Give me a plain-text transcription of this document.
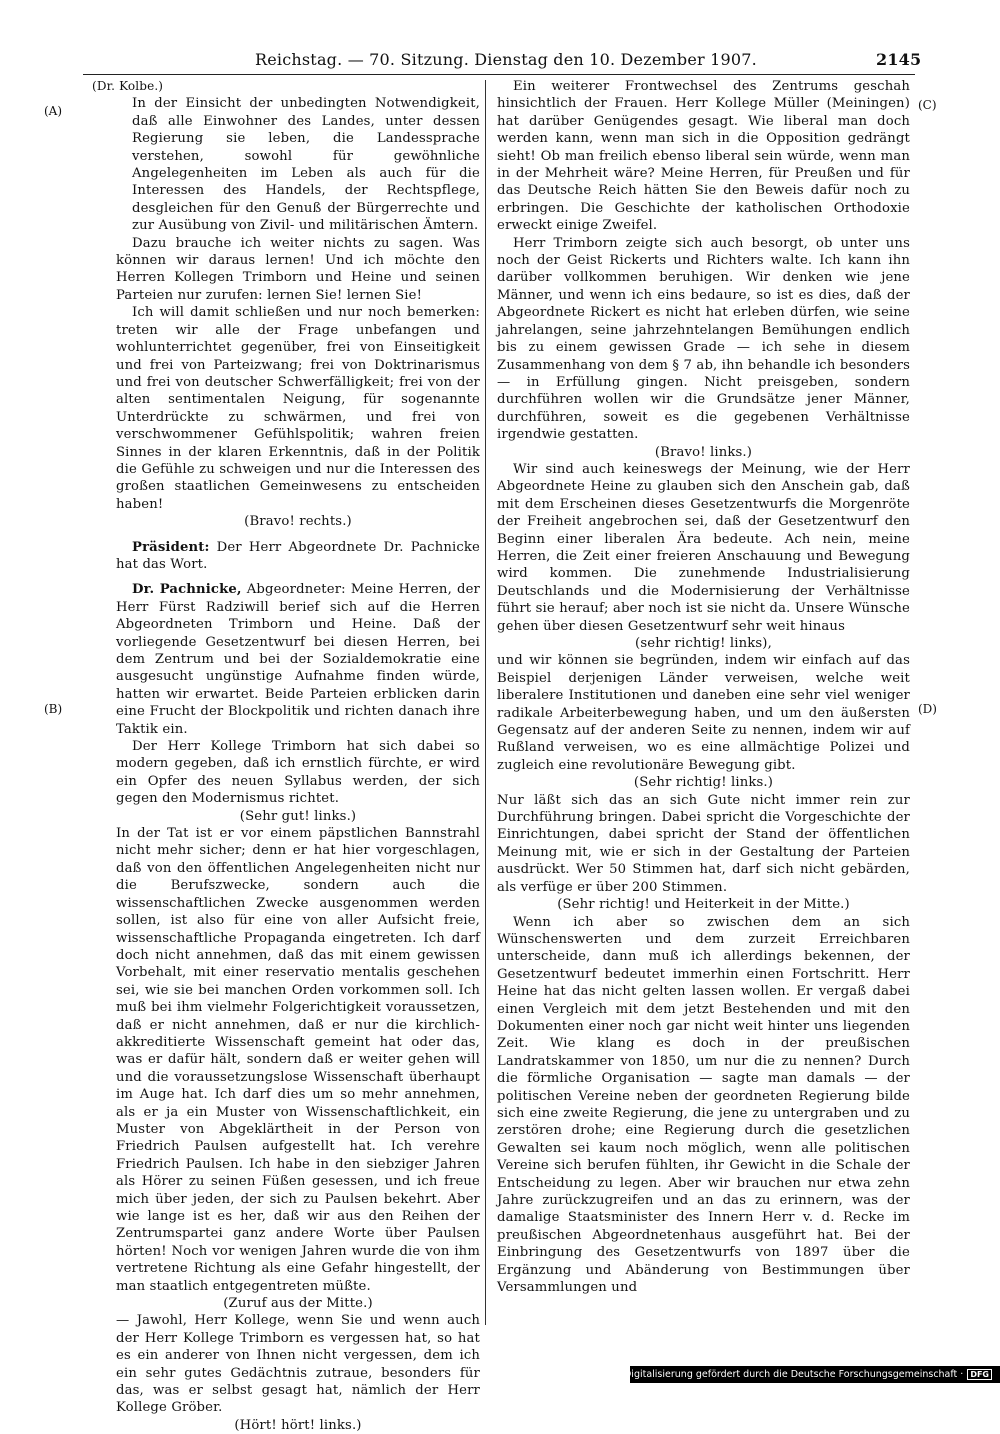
Reichstag. — 70. Sitzung. Dienstag den 10. Dezember 1907.	2145
(A)
(B)
(C)
(D)

(Dr. Kolbe.)

In der Einsicht der unbedingten Notwendigkeit, daß alle Einwohner des Landes, unter dessen Regierung sie leben, die Landessprache verstehen, sowohl für gewöhnliche Angelegenheiten im Leben als auch für die Interessen des Handels, der Rechtspflege, desgleichen für den Genuß der Bürgerrechte und zur Ausübung von Zivil- und militärischen Ämtern.

Dazu brauche ich weiter nichts zu sagen. Was können wir daraus lernen! Und ich möchte den Herren Kollegen Trimborn und Heine und seinen Parteien nur zurufen: lernen Sie! lernen Sie!

Ich will damit schließen und nur noch bemerken: treten wir alle der Frage unbefangen und wohlunterrichtet gegenüber, frei von Einseitigkeit und frei von Parteizwang; frei von Doktrinarismus und frei von deutscher Schwerfälligkeit; frei von der alten sentimentalen Neigung, für sogenannte Unterdrückte zu schwärmen, und frei von verschwommener Gefühlspolitik; wahren freien Sinnes in der klaren Erkenntnis, daß in der Politik die Gefühle zu schweigen und nur die Interessen des großen staatlichen Gemeinwesens zu entscheiden haben!

(Bravo! rechts.)

Präsident: Der Herr Abgeordnete Dr. Pachnicke hat das Wort.

Dr. Pachnicke, Abgeordneter: Meine Herren, der Herr Fürst Radziwill berief sich auf die Herren Abgeordneten Trimborn und Heine. Daß der vorliegende Gesetzentwurf bei diesen Herren, bei dem Zentrum und bei der Sozialdemokratie eine ausgesucht ungünstige Aufnahme finden würde, hatten wir erwartet. Beide Parteien erblicken darin eine Frucht der Blockpolitik und richten danach ihre Taktik ein.

Der Herr Kollege Trimborn hat sich dabei so modern gegeben, daß ich ernstlich fürchte, er wird ein Opfer des neuen Syllabus werden, der sich gegen den Modernismus richtet.

(Sehr gut! links.)

In der Tat ist er vor einem päpstlichen Bannstrahl nicht mehr sicher; denn er hat hier vorgeschlagen, daß von den öffentlichen Angelegenheiten nicht nur die Berufszwecke, sondern auch die wissenschaftlichen Zwecke ausgenommen werden sollen, ist also für eine von aller Aufsicht freie, wissenschaftliche Propaganda eingetreten. Ich darf doch nicht annehmen, daß das mit einem gewissen Vorbehalt, mit einer reservatio mentalis geschehen sei, wie sie bei manchen Orden vorkommen soll. Ich muß bei ihm vielmehr Folgerichtigkeit voraussetzen, daß er nicht annehmen, daß er nur die kirchlich-akkreditierte Wissenschaft gemeint hat oder das, was er dafür hält, sondern daß er weiter gehen will und die voraussetzungslose Wissenschaft überhaupt im Auge hat. Ich darf dies um so mehr annehmen, als er ja ein Muster von Wissenschaftlichkeit, ein Muster von Abgeklärtheit in der Person von Friedrich Paulsen aufgestellt hat. Ich verehre Friedrich Paulsen. Ich habe in den siebziger Jahren als Hörer zu seinen Füßen gesessen, und ich freue mich über jeden, der sich zu Paulsen bekehrt. Aber wie lange ist es her, daß wir aus den Reihen der Zentrumspartei ganz andere Worte über Paulsen hörten! Noch vor wenigen Jahren wurde die von ihm vertretene Richtung als eine Gefahr hingestellt, der man staatlich entgegentreten müßte.

(Zuruf aus der Mitte.)

— Jawohl, Herr Kollege, wenn Sie und wenn auch der Herr Kollege Trimborn es vergessen hat, so hat es ein anderer von Ihnen nicht vergessen, dem ich ein sehr gutes Gedächtnis zutraue, besonders für das, was er selbst gesagt hat, nämlich der Herr Kollege Gröber.

(Hört! hört! links.)

Ein weiterer Frontwechsel des Zentrums geschah hinsichtlich der Frauen. Herr Kollege Müller (Meiningen) hat darüber Genügendes gesagt. Wie liberal man doch werden kann, wenn man sich in die Opposition gedrängt sieht! Ob man freilich ebenso liberal sein würde, wenn man in der Mehrheit wäre? Meine Herren, für Preußen und für das Deutsche Reich hätten Sie den Beweis dafür noch zu erbringen. Die Geschichte der katholischen Orthodoxie erweckt einige Zweifel.

Herr Trimborn zeigte sich auch besorgt, ob unter uns noch der Geist Rickerts und Richters walte. Ich kann ihn darüber vollkommen beruhigen. Wir denken wie jene Männer, und wenn ich eins bedaure, so ist es dies, daß der Abgeordnete Rickert es nicht hat erleben dürfen, wie seine jahrelangen, seine jahrzehntelangen Bemühungen endlich bis zu einem gewissen Grade — ich sehe in diesem Zusammenhang von dem § 7 ab, ihn behandle ich besonders — in Erfüllung gingen. Nicht preisgeben, sondern durchführen wollen wir die Grundsätze jener Männer, durchführen, soweit es die gegebenen Verhältnisse irgendwie gestatten.

(Bravo! links.)

Wir sind auch keineswegs der Meinung, wie der Herr Abgeordnete Heine zu glauben sich den Anschein gab, daß mit dem Erscheinen dieses Gesetzentwurfs die Morgenröte der Freiheit angebrochen sei, daß der Gesetzentwurf den Beginn einer liberalen Ära bedeute. Ach nein, meine Herren, die Zeit einer freieren Anschauung und Bewegung wird kommen. Die zunehmende Industrialisierung Deutschlands und die Modernisierung der Verhältnisse führt sie herauf; aber noch ist sie nicht da. Unsere Wünsche gehen über diesen Gesetzentwurf sehr weit hinaus

(sehr richtig! links),

und wir können sie begründen, indem wir einfach auf das Beispiel derjenigen Länder verweisen, welche weit liberalere Institutionen und daneben eine sehr viel weniger radikale Arbeiterbewegung haben, und um den äußersten Gegensatz auf der anderen Seite zu nennen, indem wir auf Rußland verweisen, wo es eine allmächtige Polizei und zugleich eine revolutionäre Bewegung gibt.

(Sehr richtig! links.)

Nur läßt sich das an sich Gute nicht immer rein zur Durchführung bringen. Dabei spricht die Vorgeschichte der Einrichtungen, dabei spricht der Stand der öffentlichen Meinung mit, wie er sich in der Gestaltung der Parteien ausdrückt. Wer 50 Stimmen hat, darf sich nicht gebärden, als verfüge er über 200 Stimmen.

(Sehr richtig! und Heiterkeit in der Mitte.)

Wenn ich aber so zwischen dem an sich Wünschenswerten und dem zurzeit Erreichbaren unterscheide, dann muß ich allerdings bekennen, der Gesetzentwurf bedeutet immerhin einen Fortschritt. Herr Heine hat das nicht gelten lassen wollen. Er vergaß dabei einen Vergleich mit dem jetzt Bestehenden und mit den Dokumenten einer noch gar nicht weit hinter uns liegenden Zeit. Wie klang es doch in der preußischen Landratskammer von 1850, um nur die zu nennen? Durch die förmliche Organisation — sagte man damals — der politischen Vereine neben der geordneten Regierung bilde sich eine zweite Regierung, die jene zu untergraben und zu zerstören drohe; eine Regierung durch die gesetzlichen Gewalten sei kaum noch möglich, wenn alle politischen Vereine sich berufen fühlten, ihr Gewicht in die Schale der Entscheidung zu legen. Aber wir brauchen nur etwa zehn Jahre zurückzugreifen und an das zu erinnern, was der damalige Staatsminister des Innern Herr v. d. Recke im preußischen Abgeordnetenhaus ausgeführt hat. Bei der Einbringung des Gesetzentwurfs von 1897 über die Ergänzung und Abänderung von Bestimmungen über Versammlungen und

Digitalisierung gefördert durch die Deutsche Forschungsgemeinschaft · DFG
